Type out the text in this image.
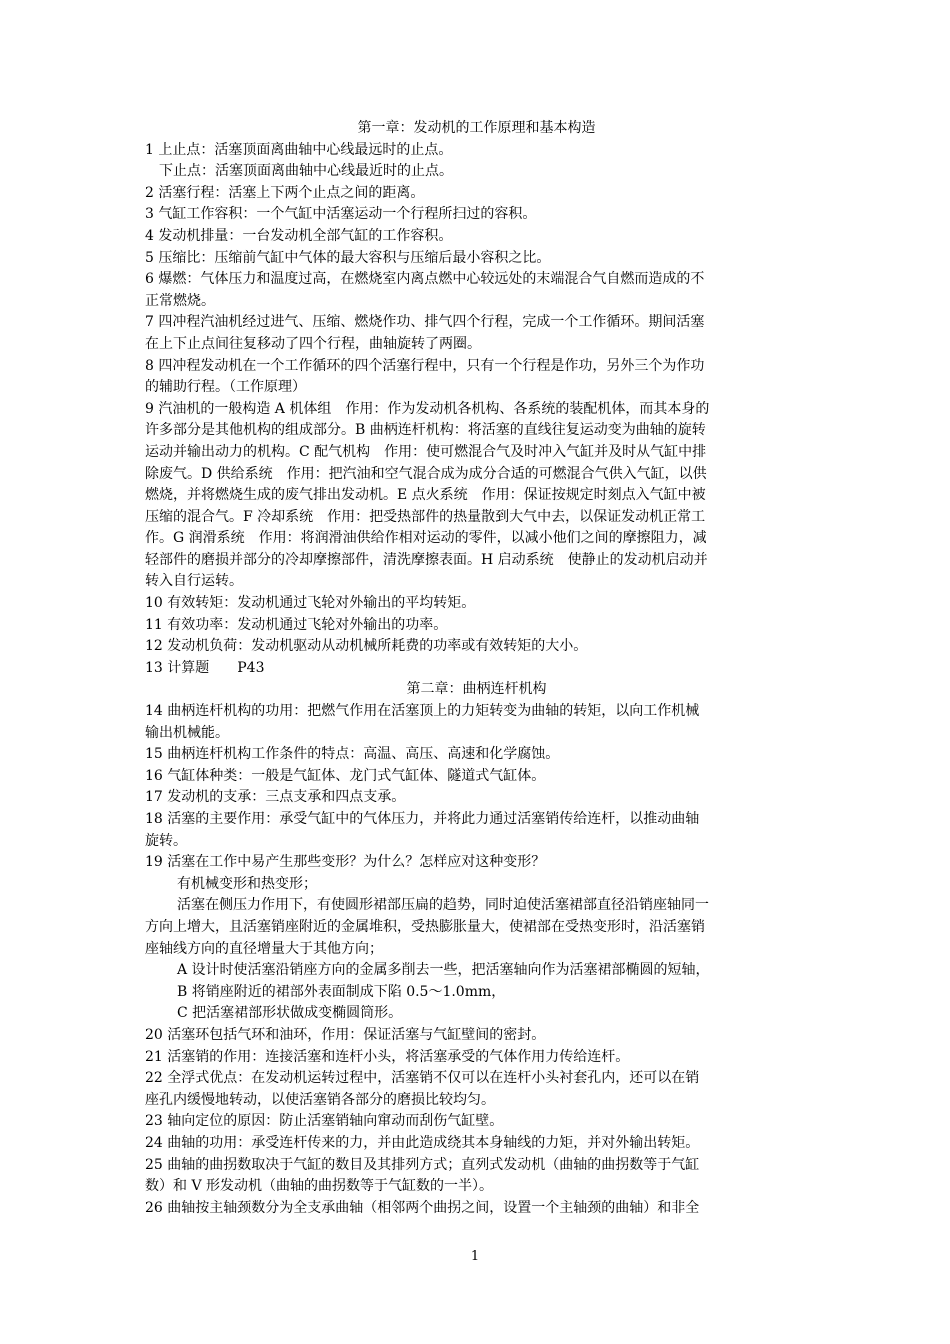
第一章：发动机的工作原理和基本构造
1 上止点：活塞顶面离曲轴中心线最远时的止点。
下止点：活塞顶面离曲轴中心线最近时的止点。
2 活塞行程：活塞上下两个止点之间的距离。
3 气缸工作容积：一个气缸中活塞运动一个行程所扫过的容积。
4 发动机排量：一台发动机全部气缸的工作容积。
5 压缩比：压缩前气缸中气体的最大容积与压缩后最小容积之比。
6 爆燃：气体压力和温度过高，在燃烧室内离点燃中心较远处的末端混合气自燃而造成的不
正常燃烧。
7 四冲程汽油机经过进气、压缩、燃烧作功、排气四个行程，完成一个工作循环。期间活塞
在上下止点间往复移动了四个行程，曲轴旋转了两圈。
8 四冲程发动机在一个工作循环的四个活塞行程中，只有一个行程是作功，另外三个为作功
的辅助行程。（工作原理）
9 汽油机的一般构造 A 机体组　作用：作为发动机各机构、各系统的装配机体，而其本身的
许多部分是其他机构的组成部分。B 曲柄连杆机构：将活塞的直线往复运动变为曲轴的旋转
运动并输出动力的机构。C 配气机构　作用：使可燃混合气及时冲入气缸并及时从气缸中排
除废气。D 供给系统　作用：把汽油和空气混合成为成分合适的可燃混合气供入气缸，以供
燃烧，并将燃烧生成的废气排出发动机。E 点火系统　作用：保证按规定时刻点入气缸中被
压缩的混合气。F 冷却系统　作用：把受热部件的热量散到大气中去，以保证发动机正常工
作。G 润滑系统　作用：将润滑油供给作相对运动的零件，以减小他们之间的摩擦阻力，减
轻部件的磨损并部分的冷却摩擦部件，清洗摩擦表面。H 启动系统　使静止的发动机启动并
转入自行运转。
10 有效转矩：发动机通过飞轮对外输出的平均转矩。
11 有效功率：发动机通过飞轮对外输出的功率。
12 发动机负荷：发动机驱动从动机械所耗费的功率或有效转矩的大小。
13 计算题　　P43
第二章：曲柄连杆机构
14 曲柄连杆机构的功用：把燃气作用在活塞顶上的力矩转变为曲轴的转矩，以向工作机械
输出机械能。
15 曲柄连杆机构工作条件的特点：高温、高压、高速和化学腐蚀。
16 气缸体种类：一般是气缸体、龙门式气缸体、隧道式气缸体。
17 发动机的支承：三点支承和四点支承。
18 活塞的主要作用：承受气缸中的气体压力，并将此力通过活塞销传给连杆，以推动曲轴
旋转。
19 活塞在工作中易产生那些变形？为什么？怎样应对这种变形？
有机械变形和热变形；
活塞在侧压力作用下，有使圆形裙部压扁的趋势，同时迫使活塞裙部直径沿销座轴同一
方向上增大，且活塞销座附近的金属堆积，受热膨胀量大，使裙部在受热变形时，沿活塞销
座轴线方向的直径增量大于其他方向；
A 设计时使活塞沿销座方向的金属多削去一些，把活塞轴向作为活塞裙部椭圆的短轴，
B 将销座附近的裙部外表面制成下陷 0.5～1.0mm，
C 把活塞裙部形状做成变椭圆筒形。
20 活塞环包括气环和油环，作用：保证活塞与气缸壁间的密封。
21 活塞销的作用：连接活塞和连杆小头，将活塞承受的气体作用力传给连杆。
22 全浮式优点：在发动机运转过程中，活塞销不仅可以在连杆小头衬套孔内，还可以在销
座孔内缓慢地转动，以使活塞销各部分的磨损比较均匀。
23 轴向定位的原因：防止活塞销轴向窜动而刮伤气缸壁。
24 曲轴的功用：承受连杆传来的力，并由此造成绕其本身轴线的力矩，并对外输出转矩。
25 曲轴的曲拐数取决于气缸的数目及其排列方式；直列式发动机（曲轴的曲拐数等于气缸
数）和 V 形发动机（曲轴的曲拐数等于气缸数的一半）。
26 曲轴按主轴颈数分为全支承曲轴（相邻两个曲拐之间，设置一个主轴颈的曲轴）和非全
1
